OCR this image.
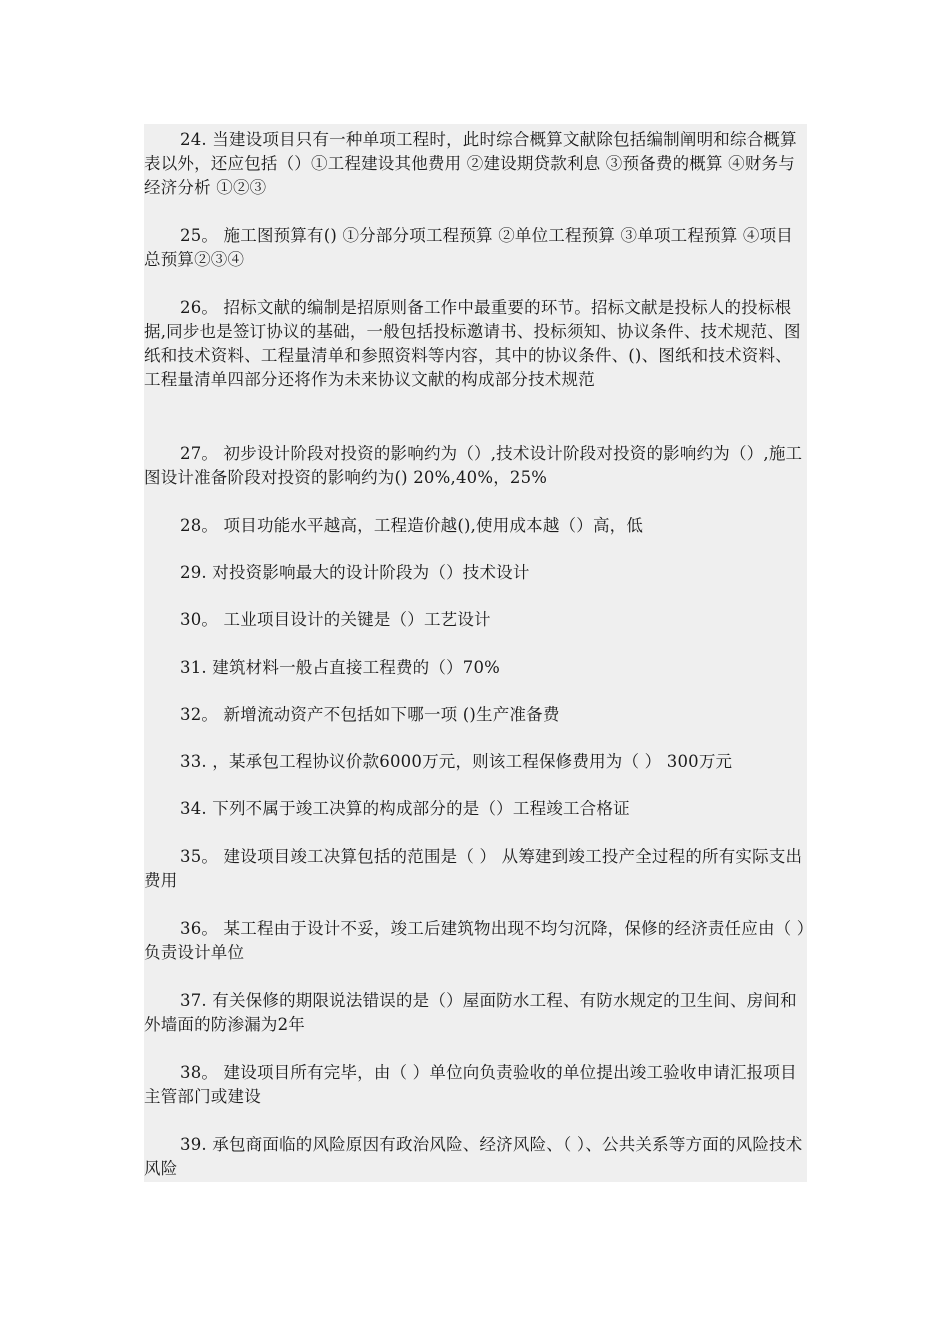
24. 当建设项目只有一种单项工程时，此时综合概算文献除包括编制阐明和综合概算表以外，还应包括（）①工程建设其他费用 ②建设期贷款利息 ③预备费的概算 ④财务与经济分析 ①②③

25。 施工图预算有() ①分部分项工程预算 ②单位工程预算 ③单项工程预算 ④项目总预算②③④

26。 招标文献的编制是招原则备工作中最重要的环节。招标文献是投标人的投标根据,同步也是签订协议的基础，一般包括投标邀请书、投标须知、协议条件、技术规范、图纸和技术资料、工程量清单和参照资料等内容，其中的协议条件、()、图纸和技术资料、工程量清单四部分还将作为未来协议文献的构成部分技术规范

27。 初步设计阶段对投资的影响约为（）,技术设计阶段对投资的影响约为（）,施工图设计准备阶段对投资的影响约为() 20%,40%，25%

28。 项目功能水平越高，工程造价越(),使用成本越（）高，低

29. 对投资影响最大的设计阶段为（）技术设计

30。 工业项目设计的关键是（）工艺设计

31. 建筑材料一般占直接工程费的（）70%

32。 新增流动资产不包括如下哪一项 ()生产准备费

33. ，某承包工程协议价款6000万元，则该工程保修费用为（ ） 300万元

34. 下列不属于竣工决算的构成部分的是（）工程竣工合格证

35。 建设项目竣工决算包括的范围是（ ） 从筹建到竣工投产全过程的所有实际支出费用

36。 某工程由于设计不妥，竣工后建筑物出现不均匀沉降，保修的经济责任应由（ ）负责设计单位

37. 有关保修的期限说法错误的是（）屋面防水工程、有防水规定的卫生间、房间和外墙面的防渗漏为2年

38。 建设项目所有完毕，由（ ）单位向负责验收的单位提出竣工验收申请汇报项目主管部门或建设

39. 承包商面临的风险原因有政治风险、经济风险、（ ）、公共关系等方面的风险技术风险
